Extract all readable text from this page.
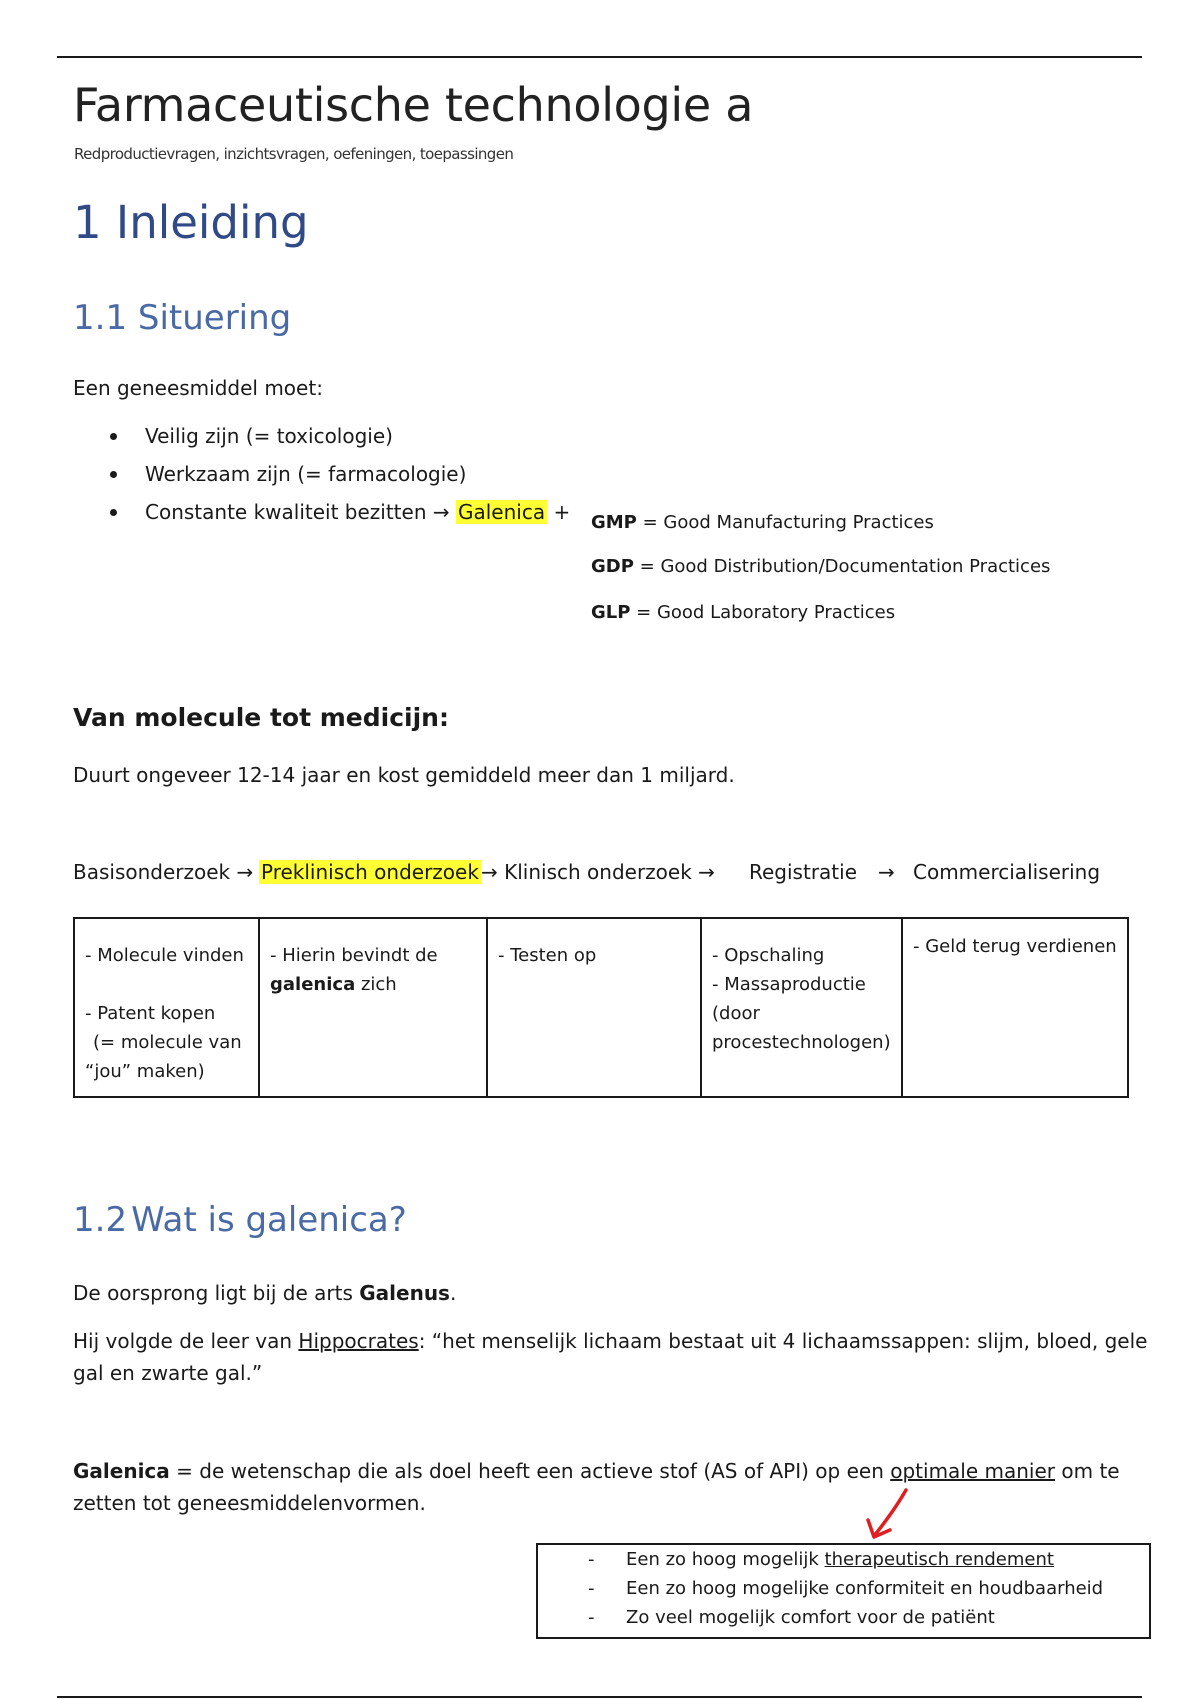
Farmaceutische technologie a
Redproductievragen, inzichtsvragen, oefeningen, toepassingen
1 Inleiding
1.1 Situering
Een geneesmiddel moet:
Veilig zijn (= toxicologie)
Werkzaam zijn (= farmacologie)
Constante kwaliteit bezitten → Galenica + GMP = Good Manufacturing Practices
GDP = Good Distribution/Documentation Practices
GLP = Good Laboratory Practices
Van molecule tot medicijn:
Duurt ongeveer 12-14 jaar en kost gemiddeld meer dan 1 miljard.
Basisonderzoek → Preklinisch onderzoek → Klinisch onderzoek → Registratie → Commercialisering
- Molecule vinden
- Patent kopen
(= molecule van
“jou” maken)
- Hierin bevindt de
galenica zich
- Testen op	- Opschaling
- Massaproductie
(door
procestechnologen)
- Geld terug verdienen
1.2 Wat is galenica?
De oorsprong ligt bij de arts Galenus.
Hij volgde de leer van Hippocrates: “het menselijk lichaam bestaat uit 4 lichaamssappen: slijm, bloed, gele
gal en zwarte gal.”
Galenica = de wetenschap die als doel heeft een actieve stof (AS of API) op een optimale manier om te
zetten tot geneesmiddelenvormen.
- Een zo hoog mogelijk therapeutisch rendement
- Een zo hoog mogelijke conformiteit en houdbaarheid
- Zo veel mogelijk comfort voor de patiënt
